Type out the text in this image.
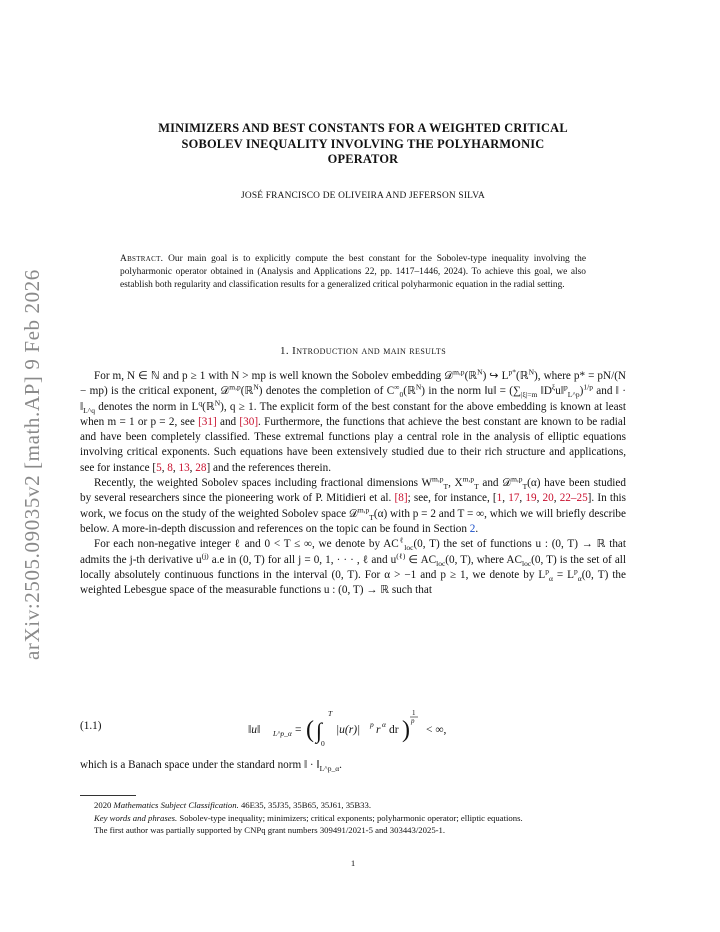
arXiv:2505.09035v2 [math.AP] 9 Feb 2026
MINIMIZERS AND BEST CONSTANTS FOR A WEIGHTED CRITICAL
SOBOLEV INEQUALITY INVOLVING THE POLYHARMONIC
OPERATOR
JOSÉ FRANCISCO DE OLIVEIRA AND JEFERSON SILVA
Abstract. Our main goal is to explicitly compute the best constant for the Sobolev-type inequality involving the polyharmonic operator obtained in (Analysis and Applications 22, pp. 1417–1446, 2024). To achieve this goal, we also establish both regularity and classification results for a generalized critical polyharmonic equation in the radial setting.
1. Introduction and main results

For m, N ∈ ℕ and p ≥ 1 with N > mp is well known the Sobolev embedding 𝒟$^{m,p}$(ℝ$^N$) ↪ $L^{p*}(ℝ^N)$, where p* = pN/(N − mp) is the critical exponent, 𝒟$^{m,p}$(ℝ$^N$) denotes the completion of $C^\infty_0(ℝ^N)$ in the norm ‖u‖ = ($\sum_{|\xi|=m}$ $‖D^\xi u‖^p_{L\^{}p})^{1/p}$ and ‖ · $‖_{L\^{}q}$ denotes the norm in $L^q(ℝ^N)$, q ≥ 1. The explicit form of the best constant for the above embedding is known at least when m = 1 or p = 2, see [31] and [30]. Furthermore, the functions that achieve the best constant are known to be radial and have been completely classified. These extremal functions play a central role in the analysis of elliptic equations involving critical exponents. Such equations have been extensively studied due to their rich structure and applications, see for instance [5, 8, 13, 28] and the references therein.

Recently, the weighted Sobolev spaces including fractional dimensions W$^{m,p}_T$, X$^{m,p}_T$ and 𝒟$^{m,p}_T$(α) have been studied by several researchers since the pioneering work of P. Mitidieri et al. [8]; see, for instance, [1, 17, 19, 20, 22–25]. In this work, we focus on the study of the weighted Sobolev space 𝒟$^{m,p}_T$(α) with p = 2 and T = ∞, which we will briefly describe below. A more-in-depth discussion and references on the topic can be found in Section 2.

For each non-negative integer ℓ and 0 < T ≤ ∞, we denote by $AC^\ell_{loc}(0$, T) the set of functions u : (0, T) → ℝ that admits the j-th derivative $u^{(j)}$ a.e in (0, T) for all j = 0, 1, · · · , ℓ and $u^{(\ell)}$ ∈ $AC_{loc}(0$, T), where $AC_{loc}(0$, T) is the set of all locally absolutely continuous functions in the interval (0, T). For α > −1 and p ≥ 1, we denote by $L^p_\alpha = L^p_\alpha(0$, T) the weighted Lebesgue space of the measurable functions u : (0, T) → ℝ such that

(1.1)	‖u‖ L^p_α = ( ∫
T
0
|u(r)| p r α dr )
1
p
< ∞,
which is a Banach space under the standard norm ‖ · $‖_{L\^{}p\_\alpha}$.

2020 Mathematics Subject Classification. 46E35, 35J35, 35B65, 35J61, 35B33.

Key words and phrases. Sobolev-type inequality; minimizers; critical exponents; polyharmonic operator; elliptic equations.

The first author was partially supported by CNPq grant numbers 309491/2021-5 and 303443/2025-1.

1
